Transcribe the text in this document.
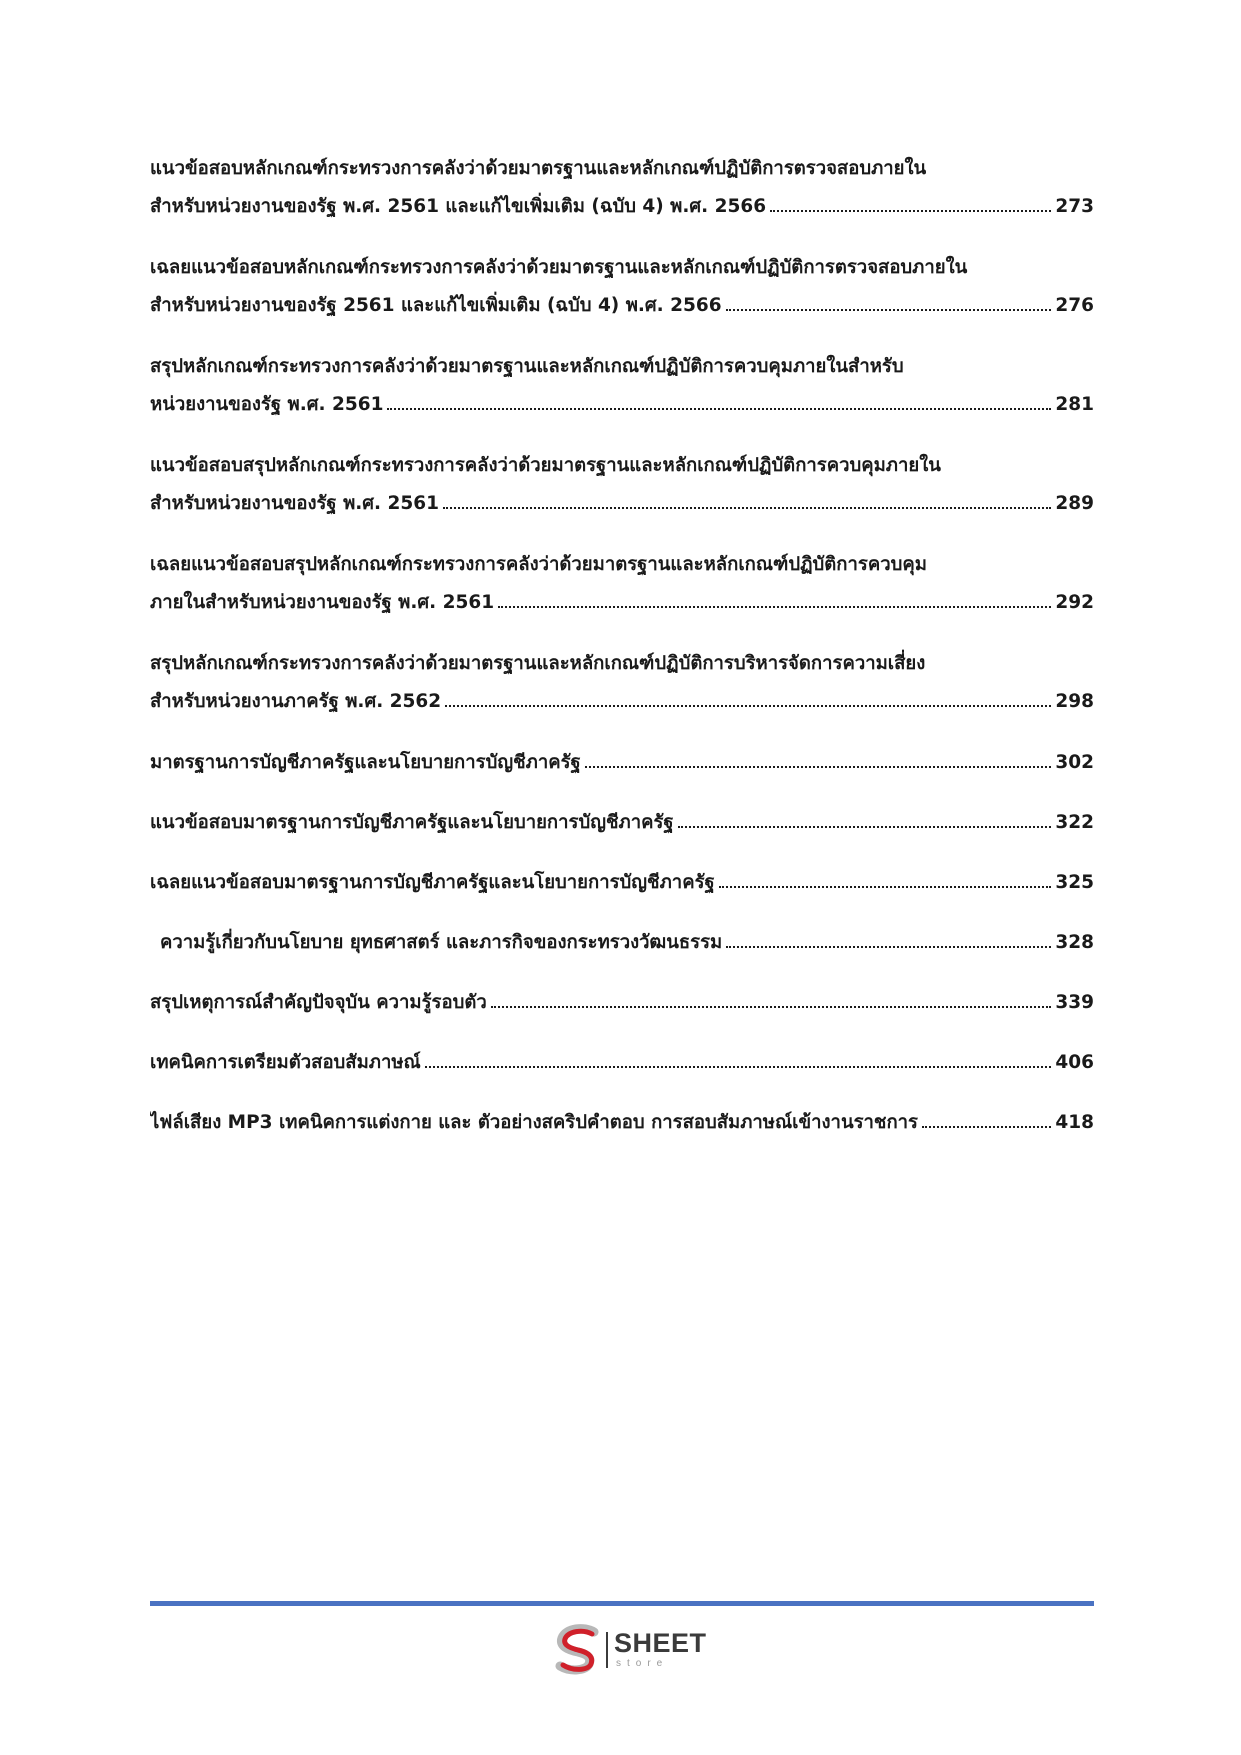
แนวข้อสอบหลักเกณฑ์กระทรวงการคลังว่าด้วยมาตรฐานและหลักเกณฑ์ปฏิบัติการตรวจสอบภายใน
สำหรับหน่วยงานของรัฐ พ.ศ. 2561 และแก้ไขเพิ่มเติม (ฉบับ 4) พ.ศ. 2566	273
เฉลยแนวข้อสอบหลักเกณฑ์กระทรวงการคลังว่าด้วยมาตรฐานและหลักเกณฑ์ปฏิบัติการตรวจสอบภายใน
สำหรับหน่วยงานของรัฐ 2561 และแก้ไขเพิ่มเติม (ฉบับ 4) พ.ศ. 2566	276
สรุปหลักเกณฑ์กระทรวงการคลังว่าด้วยมาตรฐานและหลักเกณฑ์ปฏิบัติการควบคุมภายในสำหรับ
หน่วยงานของรัฐ พ.ศ. 2561	281
แนวข้อสอบสรุปหลักเกณฑ์กระทรวงการคลังว่าด้วยมาตรฐานและหลักเกณฑ์ปฏิบัติการควบคุมภายใน
สำหรับหน่วยงานของรัฐ พ.ศ. 2561	289
เฉลยแนวข้อสอบสรุปหลักเกณฑ์กระทรวงการคลังว่าด้วยมาตรฐานและหลักเกณฑ์ปฏิบัติการควบคุม
ภายในสำหรับหน่วยงานของรัฐ พ.ศ. 2561	292
สรุปหลักเกณฑ์กระทรวงการคลังว่าด้วยมาตรฐานและหลักเกณฑ์ปฏิบัติการบริหารจัดการความเสี่ยง
สำหรับหน่วยงานภาครัฐ พ.ศ. 2562	298
มาตรฐานการบัญชีภาครัฐและนโยบายการบัญชีภาครัฐ	302
แนวข้อสอบมาตรฐานการบัญชีภาครัฐและนโยบายการบัญชีภาครัฐ	322
เฉลยแนวข้อสอบมาตรฐานการบัญชีภาครัฐและนโยบายการบัญชีภาครัฐ	325
ความรู้เกี่ยวกับนโยบาย ยุทธศาสตร์ และภารกิจของกระทรวงวัฒนธรรม	328
สรุปเหตุการณ์สำคัญปัจจุบัน ความรู้รอบตัว	339
เทคนิคการเตรียมตัวสอบสัมภาษณ์	406
ไฟล์เสียง MP3 เทคนิคการแต่งกาย และ ตัวอย่างสคริปคำตอบ การสอบสัมภาษณ์เข้างานราชการ	418
SHEET
store
